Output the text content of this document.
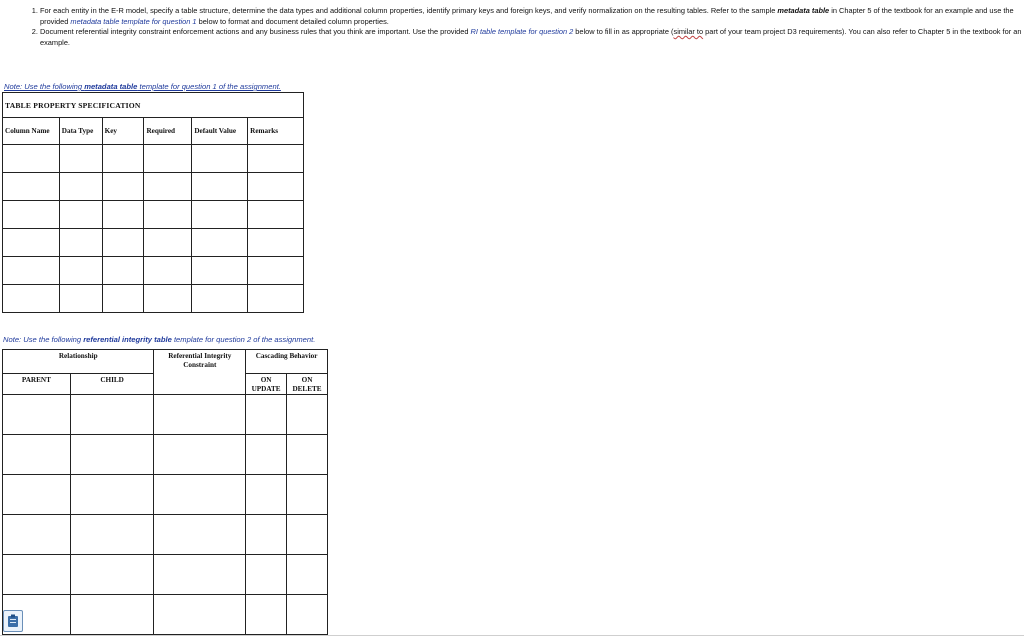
1. For each entity in the E-R model, specify a table structure, determine the data types and additional column properties, identify primary keys and foreign keys, and verify normalization on the resulting tables. Refer to the sample metadata table in Chapter 5 of the textbook for an example and use the provided metadata table template for question 1 below to format and document detailed column properties.
2. Document referential integrity constraint enforcement actions and any business rules that you think are important. Use the provided RI table template for question 2 below to fill in as appropriate (similar to part of your team project D3 requirements). You can also refer to Chapter 5 in the textbook for an example.
Note: Use the following metadata table template for question 1 of the assignment.
TABLE PROPERTY SPECIFICATION					
Column Name	Data Type	Key	Required	Default Value	Remarks

Note: Use the following referential integrity table template for question 2 of the assignment.
Relationship		Referential Integrity Constraint	Cascading Behavior	
PARENT	CHILD		ON UPDATE	ON DELETE
